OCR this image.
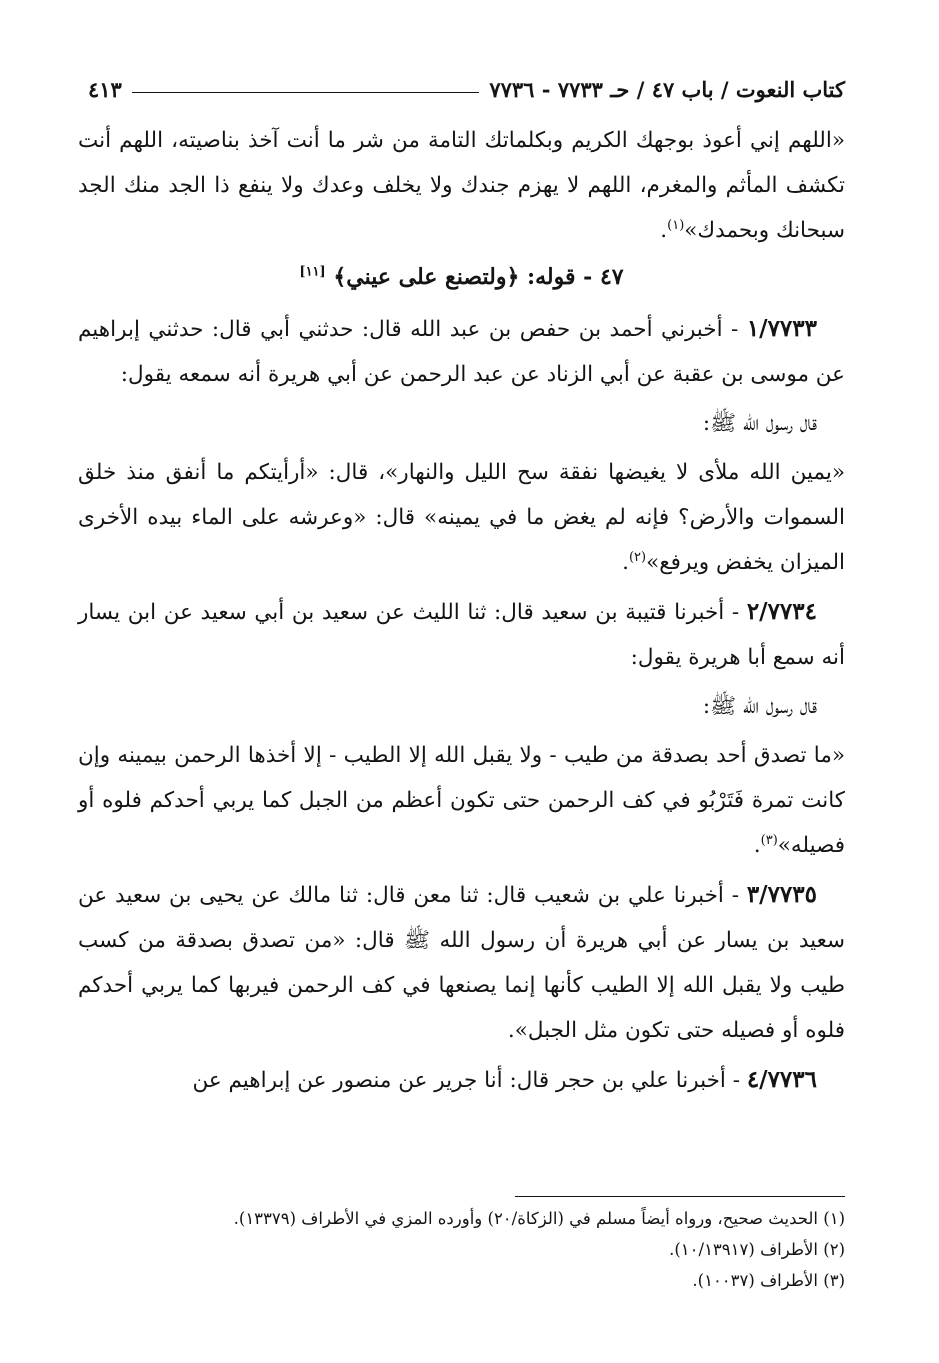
كتاب النعوت / باب ٤٧ / حـ ٧٧٣٣ - ٧٧٣٦
٤١٣

«اللهم إني أعوذ بوجهك الكريم وبكلماتك التامة من شر ما أنت آخذ بناصيته، اللهم أنت تكشف المأثم والمغرم، اللهم لا يهزم جندك ولا يخلف وعدك ولا ينفع ذا الجد منك الجد سبحانك وبحمدك»$^{(١)}$.

٤٧ - قوله: ﴿ولتصنع على عيني﴾ [١١]

١/٧٧٣٣ - أخبرني أحمد بن حفص بن عبد الله قال: حدثني أبي قال: حدثني إبراهيم عن موسى بن عقبة عن أبي الزناد عن عبد الرحمن عن أبي هريرة أنه سمعه يقول:

قال رسول الله ﷺ:

«يمين الله ملأى لا يغيضها نفقة سح الليل والنهار»، قال: «أرأيتكم ما أنفق منذ خلق السموات والأرض؟ فإنه لم يغض ما في يمينه» قال: «وعرشه على الماء بيده الأخرى الميزان يخفض ويرفع»$^{(٢)}$.

٢/٧٧٣٤ - أخبرنا قتيبة بن سعيد قال: ثنا الليث عن سعيد بن أبي سعيد عن ابن يسار أنه سمع أبا هريرة يقول:

قال رسول الله ﷺ:

«ما تصدق أحد بصدقة من طيب - ولا يقبل الله إلا الطيب - إلا أخذها الرحمن بيمينه وإن كانت تمرة فَتَرْبُو في كف الرحمن حتى تكون أعظم من الجبل كما يربي أحدكم فلوه أو فصيله»$^{(٣)}$.

٣/٧٧٣٥ - أخبرنا علي بن شعيب قال: ثنا معن قال: ثنا مالك عن يحيى بن سعيد عن سعيد بن يسار عن أبي هريرة أن رسول الله ﷺ قال: «من تصدق بصدقة من كسب طيب ولا يقبل الله إلا الطيب كأنها إنما يصنعها في كف الرحمن فيربها كما يربي أحدكم فلوه أو فصيله حتى تكون مثل الجبل».

٤/٧٧٣٦ - أخبرنا علي بن حجر قال: أنا جرير عن منصور عن إبراهيم عن

(١) الحديث صحيح، ورواه أيضاً مسلم في (الزكاة/٢٠) وأورده المزي في الأطراف (١٣٣٧٩).

(٢) الأطراف (١٠/١٣٩١٧).

(٣) الأطراف (١٠٠٣٧).
